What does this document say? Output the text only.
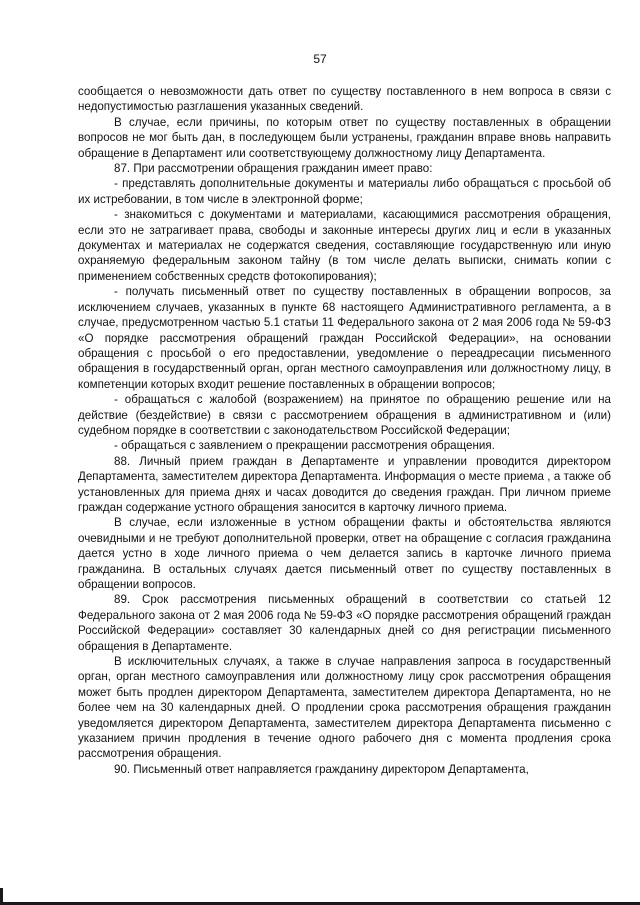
57

сообщается о невозможности дать ответ по существу поставленного в нем вопроса в связи с недопустимостью разглашения указанных сведений.

В случае, если причины, по которым ответ по существу поставленных в обращении вопросов не мог быть дан, в последующем были устранены, гражданин вправе вновь направить обращение в Департамент или соответствующему должностному лицу Департамента.

87. При рассмотрении обращения гражданин имеет право:

- представлять дополнительные документы и материалы либо обращаться с просьбой об их истребовании, в том числе в электронной форме;

- знакомиться с документами и материалами, касающимися рассмотрения обращения, если это не затрагивает права, свободы и законные интересы других лиц и если в указанных документах и материалах не содержатся сведения, составляющие государственную или иную охраняемую федеральным законом тайну (в том числе делать выписки, снимать копии с применением собственных средств фотокопирования);

- получать письменный ответ по существу поставленных в обращении вопросов, за исключением случаев, указанных в пункте 68 настоящего Административного регламента, а в случае, предусмотренном частью 5.1 статьи 11 Федерального закона от 2 мая 2006 года № 59-ФЗ «О порядке рассмотрения обращений граждан Российской Федерации», на основании обращения с просьбой о его предоставлении, уведомление о переадресации письменного обращения в государственный орган, орган местного самоуправления или должностному лицу, в компетенции которых входит решение поставленных в обращении вопросов;

- обращаться с жалобой (возражением) на принятое по обращению решение или на действие (бездействие) в связи с рассмотрением обращения в административном и (или) судебном порядке в соответствии с законодательством Российской Федерации;

- обращаться с заявлением о прекращении рассмотрения обращения.

88. Личный прием граждан в Департаменте и управлении проводится директором Департамента, заместителем директора Департамента. Информация о месте приема , а также об установленных для приема днях и часах доводится до сведения граждан. При личном приеме граждан содержание устного обращения заносится в карточку личного приема.

В случае, если изложенные в устном обращении факты и обстоятельства являются очевидными и не требуют дополнительной проверки, ответ на обращение с согласия гражданина дается устно в ходе личного приема о чем делается запись в карточке личного приема гражданина. В остальных случаях дается письменный ответ по существу поставленных в обращении вопросов.

89. Срок рассмотрения письменных обращений в соответствии со статьей 12 Федерального закона от 2 мая 2006 года № 59-ФЗ «О порядке рассмотрения обращений граждан Российской Федерации» составляет 30 календарных дней со дня регистрации письменного обращения в Департаменте.

В исключительных случаях, а также в случае направления запроса в государственный орган, орган местного самоуправления или должностному лицу срок рассмотрения обращения может быть продлен директором Департамента, заместителем директора Департамента, но не более чем на 30 календарных дней. О продлении срока рассмотрения обращения гражданин уведомляется директором Департамента, заместителем директора Департамента письменно с указанием причин продления в течение одного рабочего дня с момента продления срока рассмотрения обращения.

90. Письменный ответ направляется гражданину директором Департамента,
